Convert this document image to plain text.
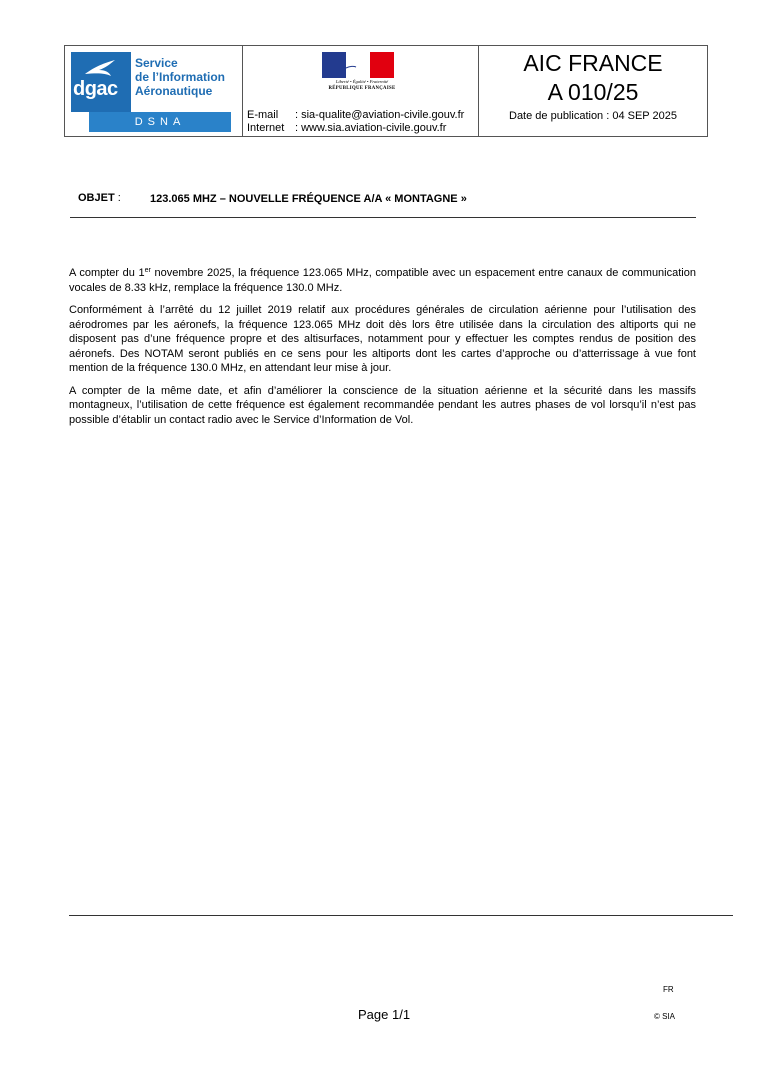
dgac
Service
de l’Information
Aéronautique
DSNA
Liberté • Égalité • Fraternité
RÉPUBLIQUE FRANÇAISE
E-mail : sia-qualite@aviation-civile.gouv.fr
Internet : www.sia.aviation-civile.gouv.fr
AIC FRANCE
A 010/25
Date de publication : 04 SEP 2025
OBJET :	123.065 MHZ – NOUVELLE FRÉQUENCE A/A « MONTAGNE »

A compter du 1er novembre 2025, la fréquence 123.065 MHz, compatible avec un espacement entre canaux de communication vocales de 8.33 kHz, remplace la fréquence 130.0 MHz.

Conformément à l’arrêté du 12 juillet 2019 relatif aux procédures générales de circulation aérienne pour l’utilisation des aérodromes par les aéronefs, la fréquence 123.065 MHz doit dès lors être utilisée dans la circulation des altiports qui ne disposent pas d’une fréquence propre et des altisurfaces, notamment pour y effectuer les comptes rendus de position des aéronefs. Des NOTAM seront publiés en ce sens pour les altiports dont les cartes d’approche ou d’atterrissage à vue font mention de la fréquence 130.0 MHz, en attendant leur mise à jour.

A compter de la même date, et afin d’améliorer la conscience de la situation aérienne et la sécurité dans les massifs montagneux, l’utilisation de cette fréquence est également recommandée pendant les autres phases de vol lorsqu’il n’est pas possible d’établir un contact radio avec le Service d’Information de Vol.

FR
Page 1/1	© SIA
